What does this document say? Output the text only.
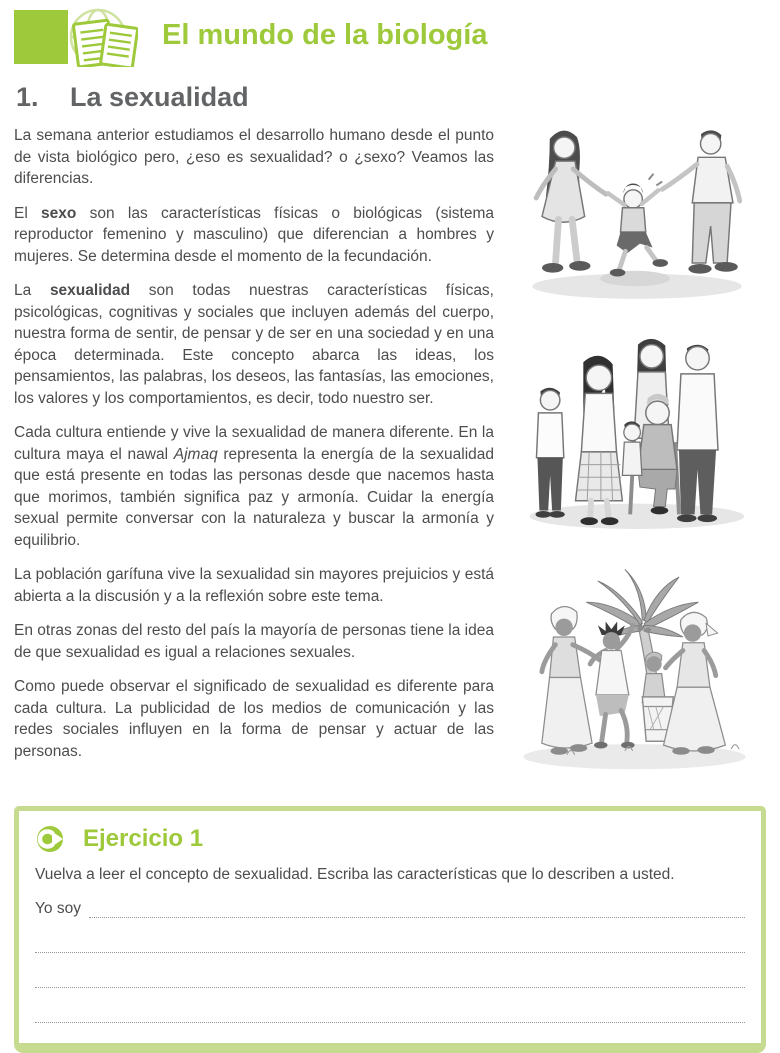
El mundo de la biología
1.	La sexualidad

La semana anterior estudiamos el desarrollo humano desde el punto de vista biológico pero, ¿eso es sexualidad? o ¿sexo? Veamos las diferencias.

El sexo son las características físicas o biológicas (sistema reproductor femenino y masculino) que diferencian a hombres y mujeres. Se determina desde el momento de la fecundación.

La sexualidad son todas nuestras características físicas, psicológicas, cognitivas y sociales que incluyen además del cuerpo, nuestra forma de sentir, de pensar y de ser en una sociedad y en una época determinada. Este concepto abarca las ideas, los pensamientos, las palabras, los deseos, las fantasías, las emociones, los valores y los comportamientos, es decir, todo nuestro ser.

Cada cultura entiende y vive la sexualidad de manera diferente. En la cultura maya el nawal Ajmaq representa la energía de la sexualidad que está presente en todas las personas desde que nacemos hasta que morimos, también significa paz y armonía. Cuidar la energía sexual permite conversar con la naturaleza y buscar la armonía y equilibrio.

La población garífuna vive la sexualidad sin mayores prejuicios y está abierta a la discusión y a la reflexión sobre este tema.

En otras zonas del resto del país la mayoría de personas tiene la idea de que sexualidad es igual a relaciones sexuales.

Como puede observar el significado de sexualidad es diferente para cada cultura. La publicidad de los medios de comunicación y las redes sociales influyen en la forma de pensar y actuar de las personas.

Ejercicio 1

Vuelva a leer el concepto de sexualidad. Escriba las características que lo describen a usted.

Yo soy
